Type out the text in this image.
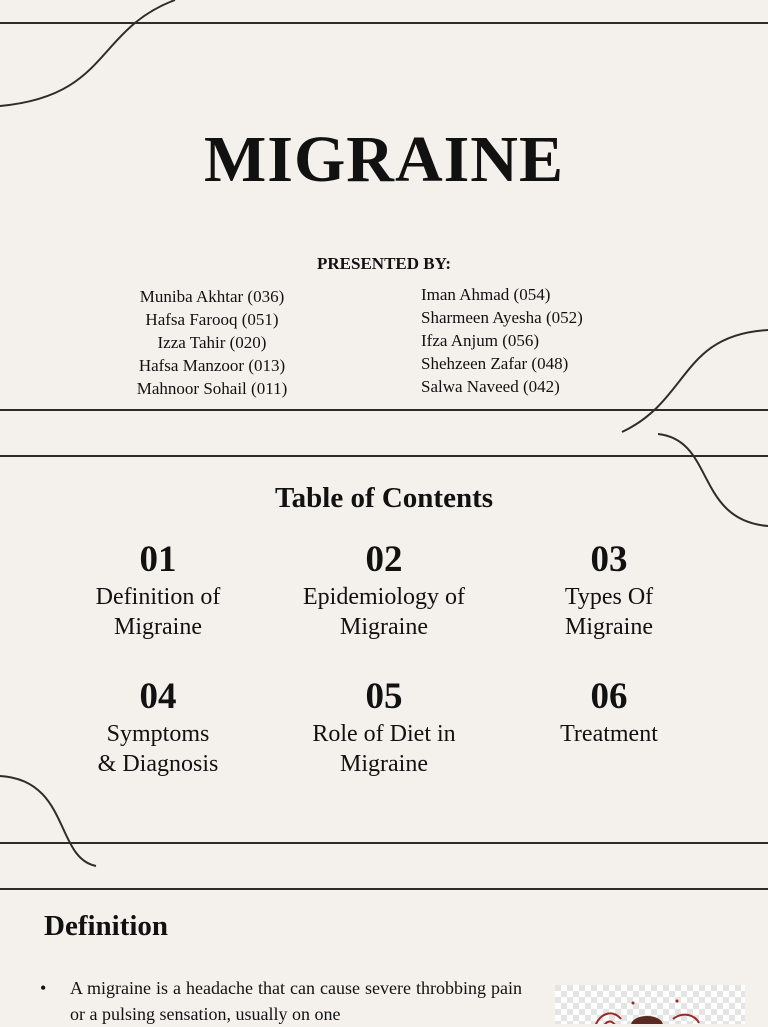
MIGRAINE
PRESENTED BY:
Muniba Akhtar (036)
Hafsa Farooq (051)
Izza Tahir (020)
Hafsa Manzoor (013)
Mahnoor Sohail (011)
Iman Ahmad (054)
Sharmeen Ayesha (052)
Ifza Anjum (056)
Shehzeen Zafar (048)
Salwa Naveed (042)
Table of Contents
01
Definition of
Migraine
02
Epidemiology of
Migraine
03
Types Of
Migraine
04
Symptoms
& Diagnosis
05
Role of Diet in
Migraine
06
Treatment
Definition
• A migraine is a headache that can cause severe throbbing pain or a pulsing sensation, usually on one
